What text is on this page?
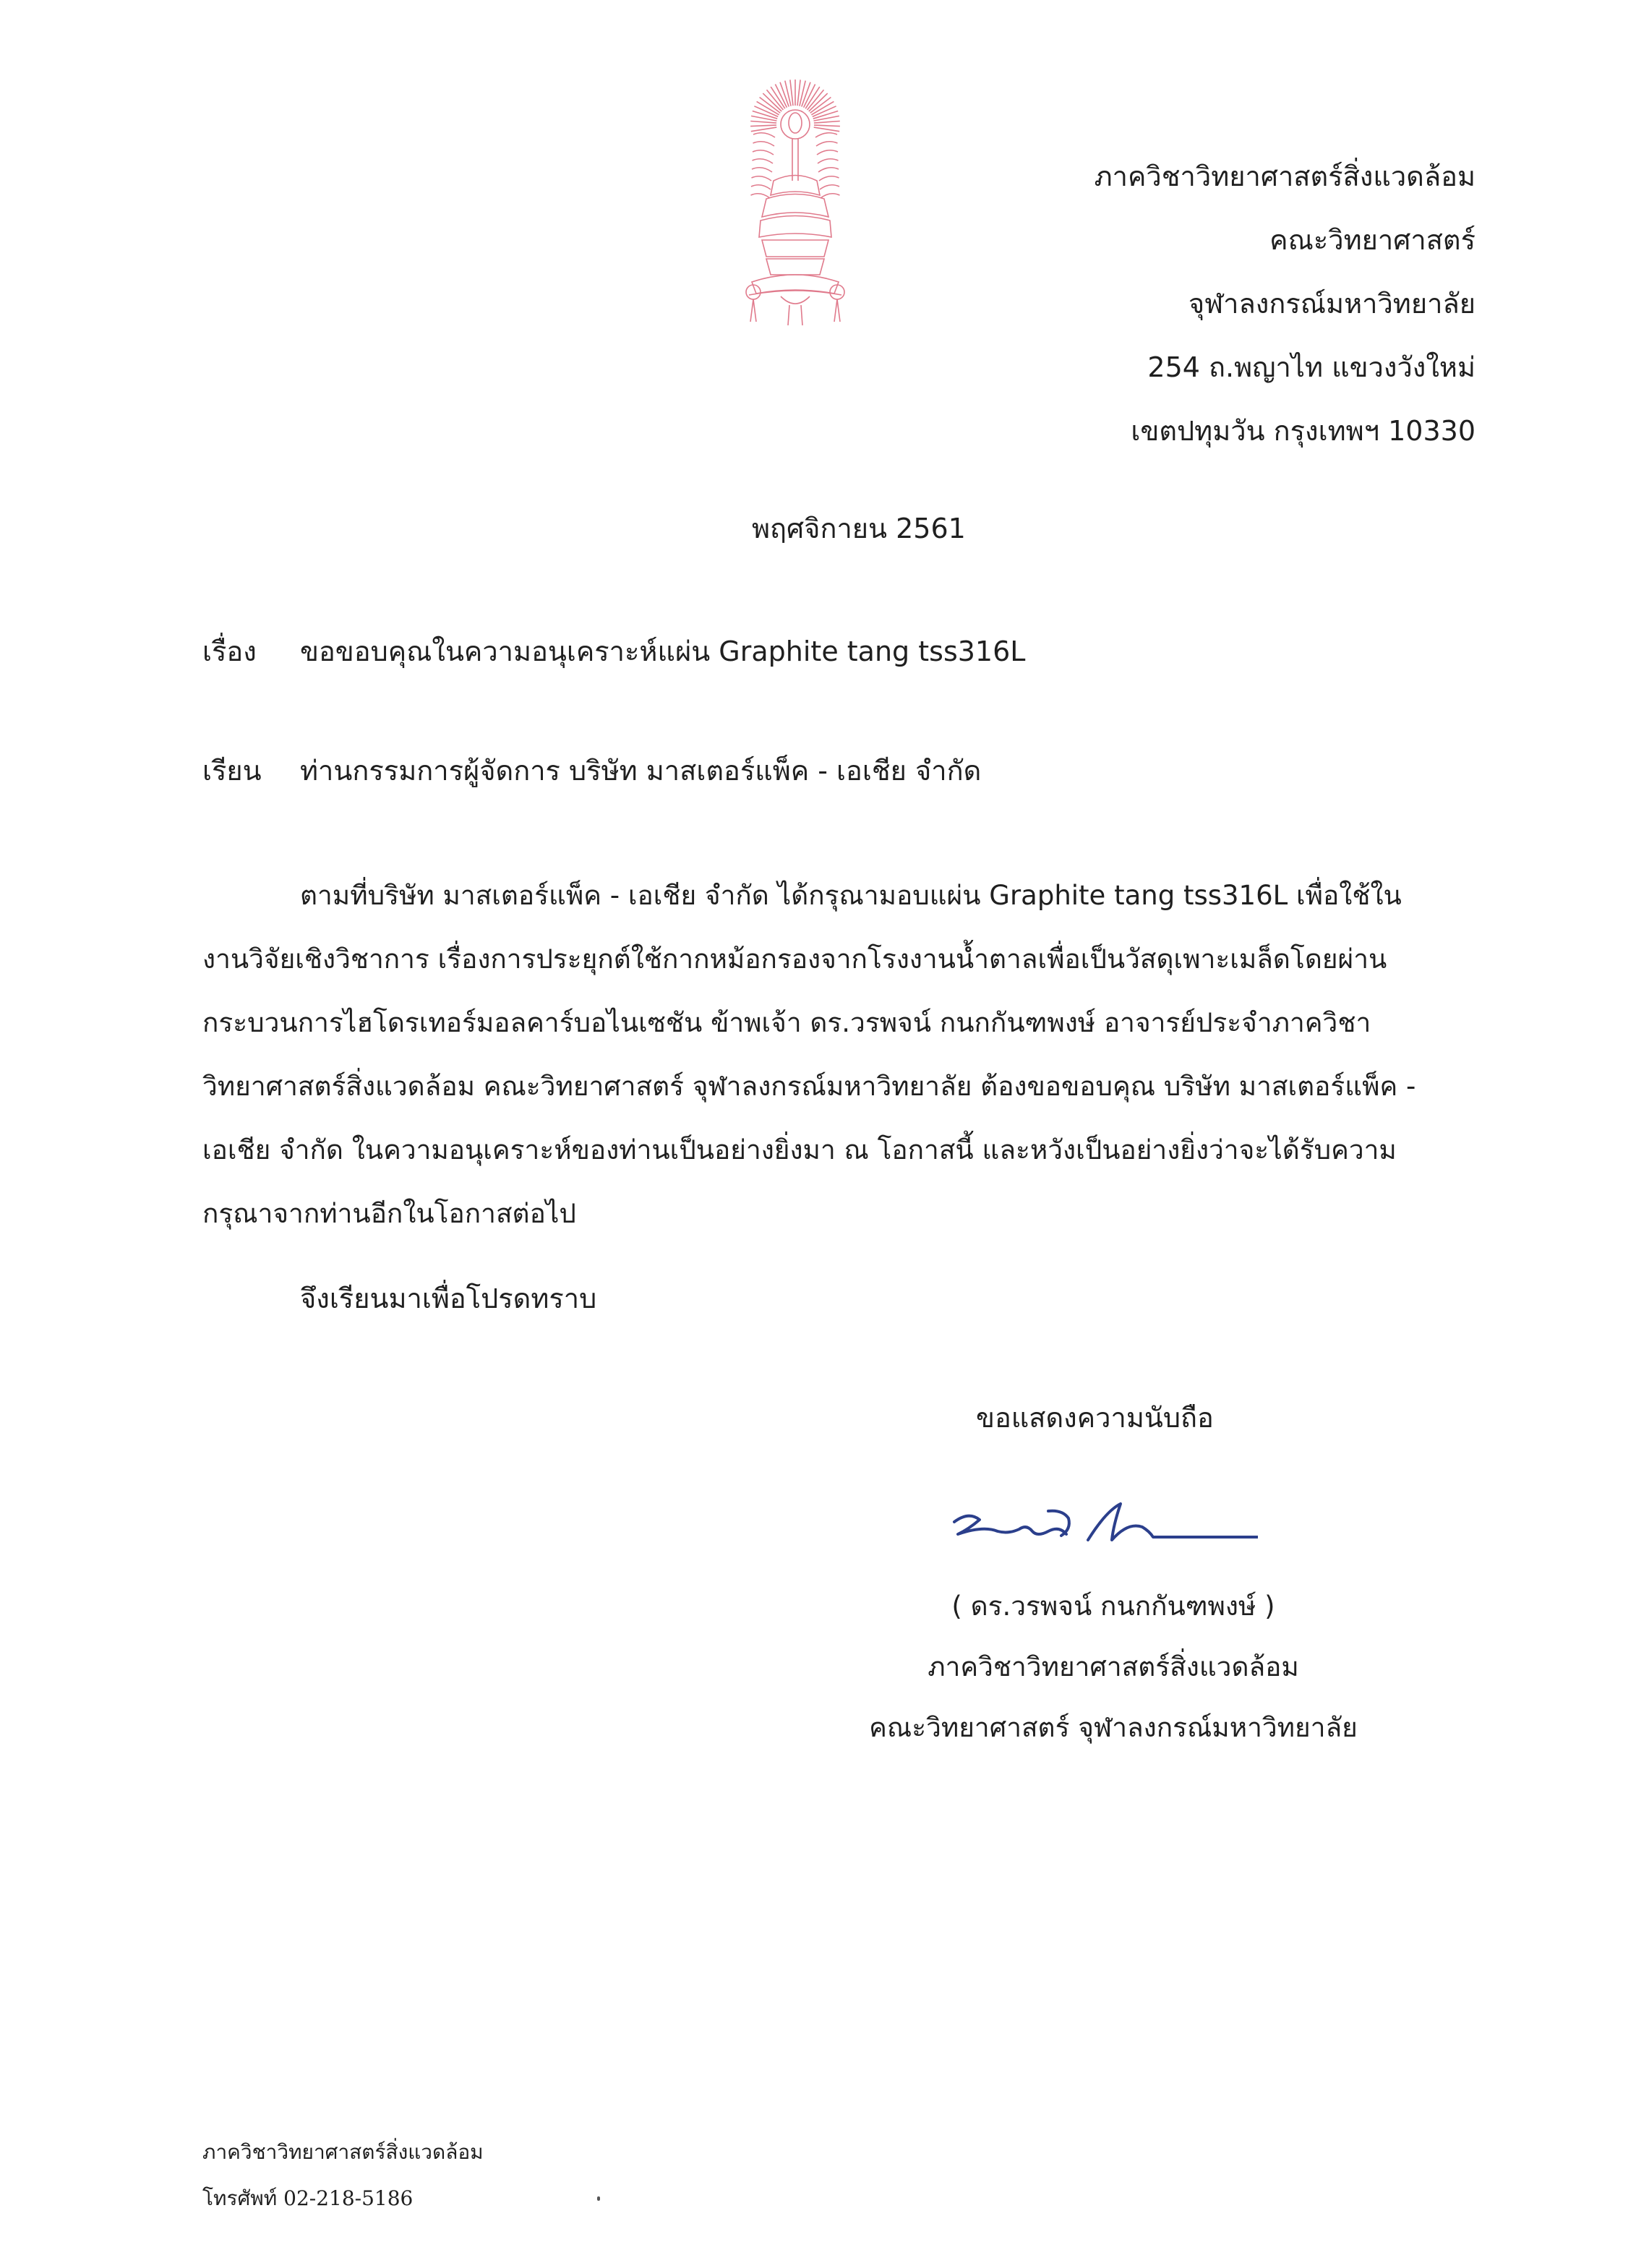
ภาควิชาวิทยาศาสตร์สิ่งแวดล้อม
คณะวิทยาศาสตร์
จุฬาลงกรณ์มหาวิทยาลัย
254 ถ.พญาไท แขวงวังใหม่
เขตปทุมวัน กรุงเทพฯ 10330
พฤศจิกายน 2561
เรื่อง ขอขอบคุณในความอนุเคราะห์แผ่น Graphite tang tss316L
เรียน ท่านกรรมการผู้จัดการ บริษัท มาสเตอร์แพ็ค - เอเชีย จำกัด
ตามที่บริษัท มาสเตอร์แพ็ค - เอเชีย จำกัด ได้กรุณามอบแผ่น Graphite tang tss316L เพื่อใช้ใน
งานวิจัยเชิงวิชาการ เรื่องการประยุกต์ใช้กากหม้อกรองจากโรงงานน้ำตาลเพื่อเป็นวัสดุเพาะเมล็ดโดยผ่าน
กระบวนการไฮโดรเทอร์มอลคาร์บอไนเซชัน ข้าพเจ้า ดร.วรพจน์ กนกกันฑพงษ์ อาจารย์ประจำภาควิชา
วิทยาศาสตร์สิ่งแวดล้อม คณะวิทยาศาสตร์ จุฬาลงกรณ์มหาวิทยาลัย ต้องขอขอบคุณ บริษัท มาสเตอร์แพ็ค -
เอเชีย จำกัด ในความอนุเคราะห์ของท่านเป็นอย่างยิ่งมา ณ โอกาสนี้ และหวังเป็นอย่างยิ่งว่าจะได้รับความ
กรุณาจากท่านอีกในโอกาสต่อไป
จึงเรียนมาเพื่อโปรดทราบ
ขอแสดงความนับถือ
( ดร.วรพจน์ กนกกันฑพงษ์ )
ภาควิชาวิทยาศาสตร์สิ่งแวดล้อม
คณะวิทยาศาสตร์ จุฬาลงกรณ์มหาวิทยาลัย
ภาควิชาวิทยาศาสตร์สิ่งแวดล้อม
โทรศัพท์ 02-218-5186
